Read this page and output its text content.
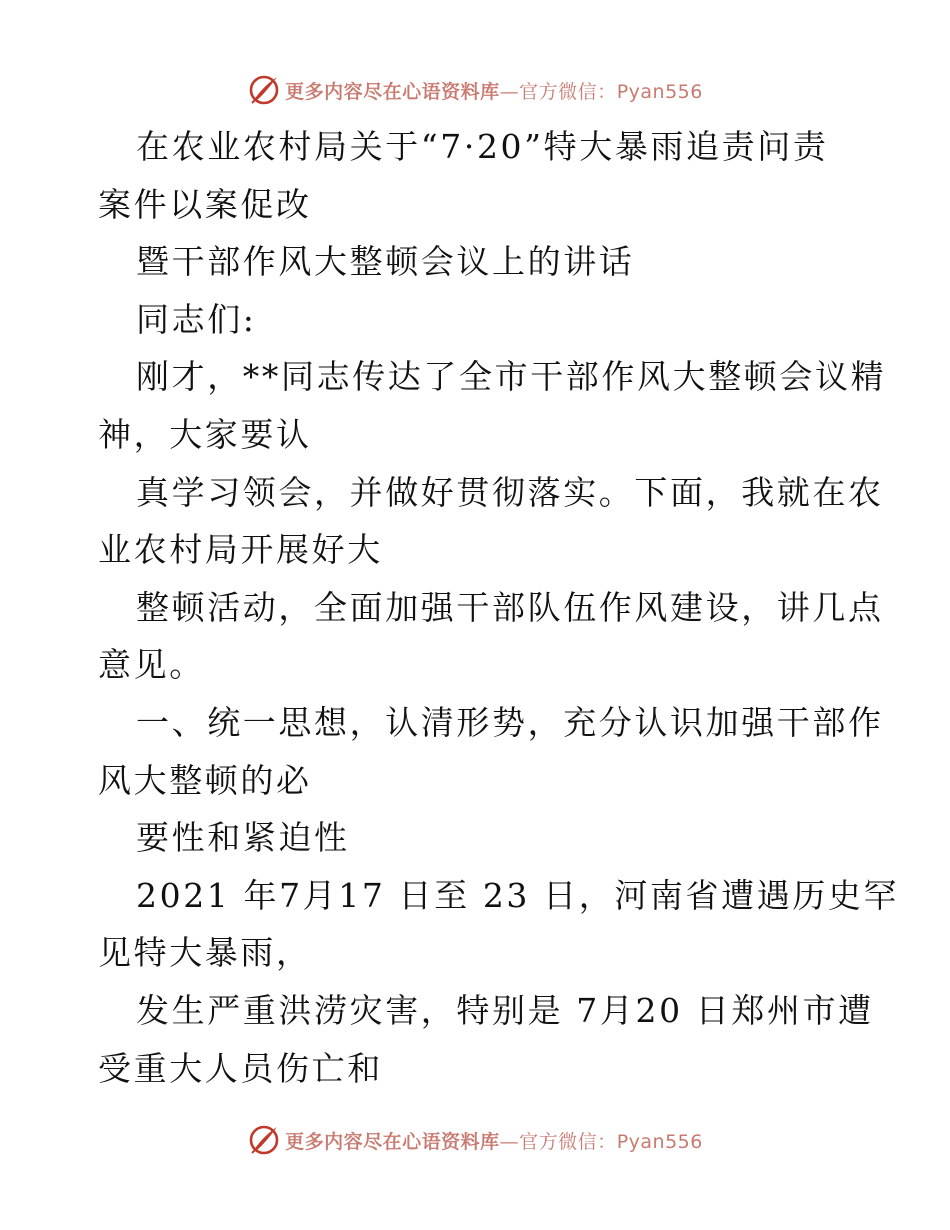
更多内容尽在心语资料库—官方微信：Pyan556
在农业农村局关于“7·20”特大暴雨追责问责
案件以案促改
暨干部作风大整顿会议上的讲话
同志们:
刚才，**同志传达了全市干部作风大整顿会议精
神，大家要认
真学习领会，并做好贯彻落实。下面，我就在农
业农村局开展好大
整顿活动，全面加强干部队伍作风建设，讲几点
意见。
一、统一思想，认清形势，充分认识加强干部作
风大整顿的必
要性和紧迫性
2021 年7月17 日至 23 日，河南省遭遇历史罕
见特大暴雨，
发生严重洪涝灾害，特别是 7月20 日郑州市遭
受重大人员伤亡和
更多内容尽在心语资料库—官方微信：Pyan556
